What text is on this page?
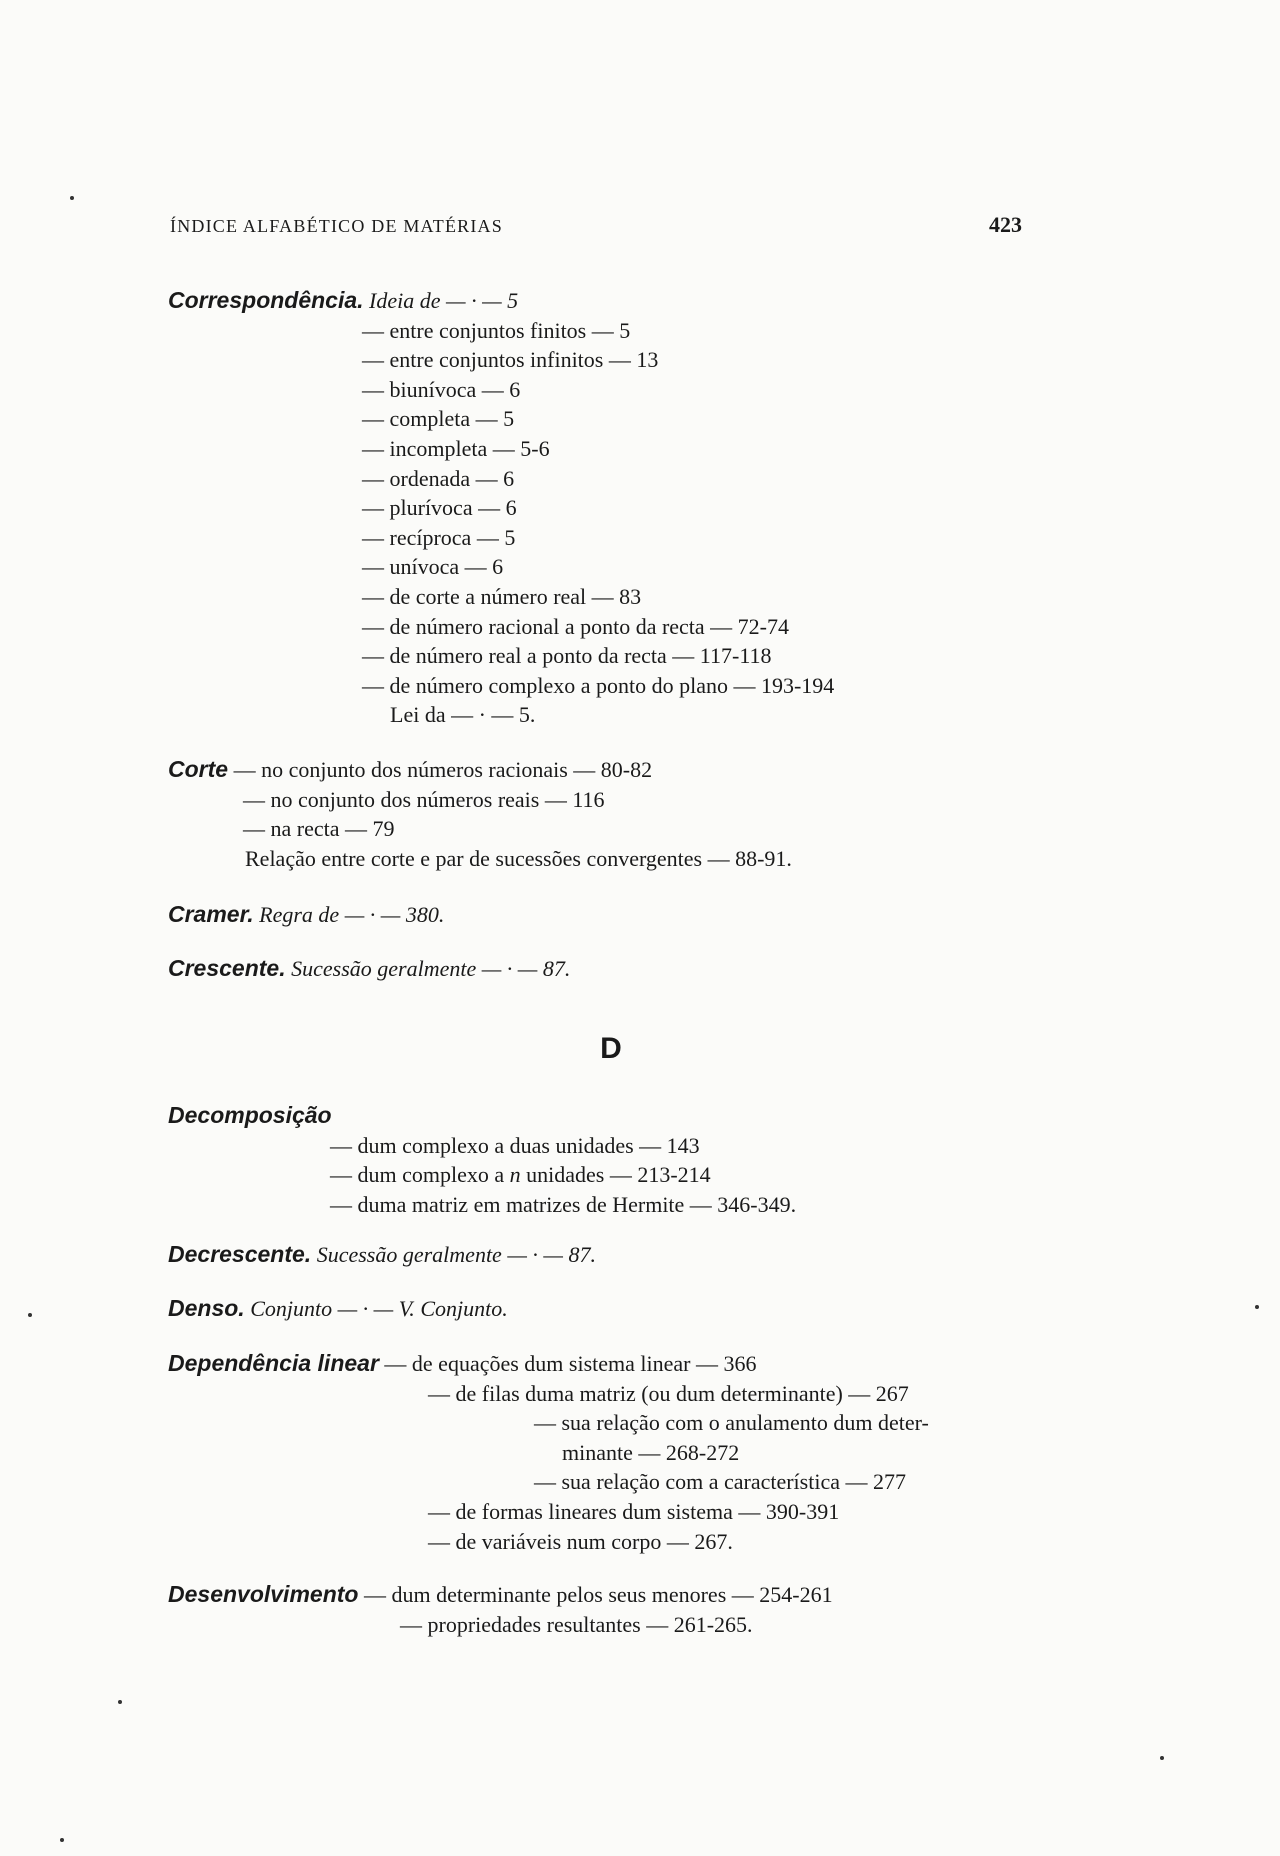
ÍNDICE ALFABÉTICO DE MATÉRIAS	423
Correspondência. Ideia de — · — 5
— entre conjuntos finitos — 5
— entre conjuntos infinitos — 13
— biunívoca — 6
— completa — 5
— incompleta — 5-6
— ordenada — 6
— plurívoca — 6
— recíproca — 5
— unívoca — 6
— de corte a número real — 83
— de número racional a ponto da recta — 72-74
— de número real a ponto da recta — 117-118
— de número complexo a ponto do plano — 193-194
Lei da — · — 5.
Corte — no conjunto dos números racionais — 80-82
— no conjunto dos números reais — 116
— na recta — 79
Relação entre corte e par de sucessões convergentes — 88-91.
Cramer. Regra de — · — 380.
Crescente. Sucessão geralmente — · — 87.
D
Decomposição
— dum complexo a duas unidades — 143
— dum complexo a n unidades — 213-214
— duma matriz em matrizes de Hermite — 346-349.
Decrescente. Sucessão geralmente — · — 87.
Denso. Conjunto — · — V. Conjunto.
Dependência linear — de equações dum sistema linear — 366
— de filas duma matriz (ou dum determinante) — 267
— sua relação com o anulamento dum deter-
minante — 268-272
— sua relação com a característica — 277
— de formas lineares dum sistema — 390-391
— de variáveis num corpo — 267.
Desenvolvimento — dum determinante pelos seus menores — 254-261
— propriedades resultantes — 261-265.
